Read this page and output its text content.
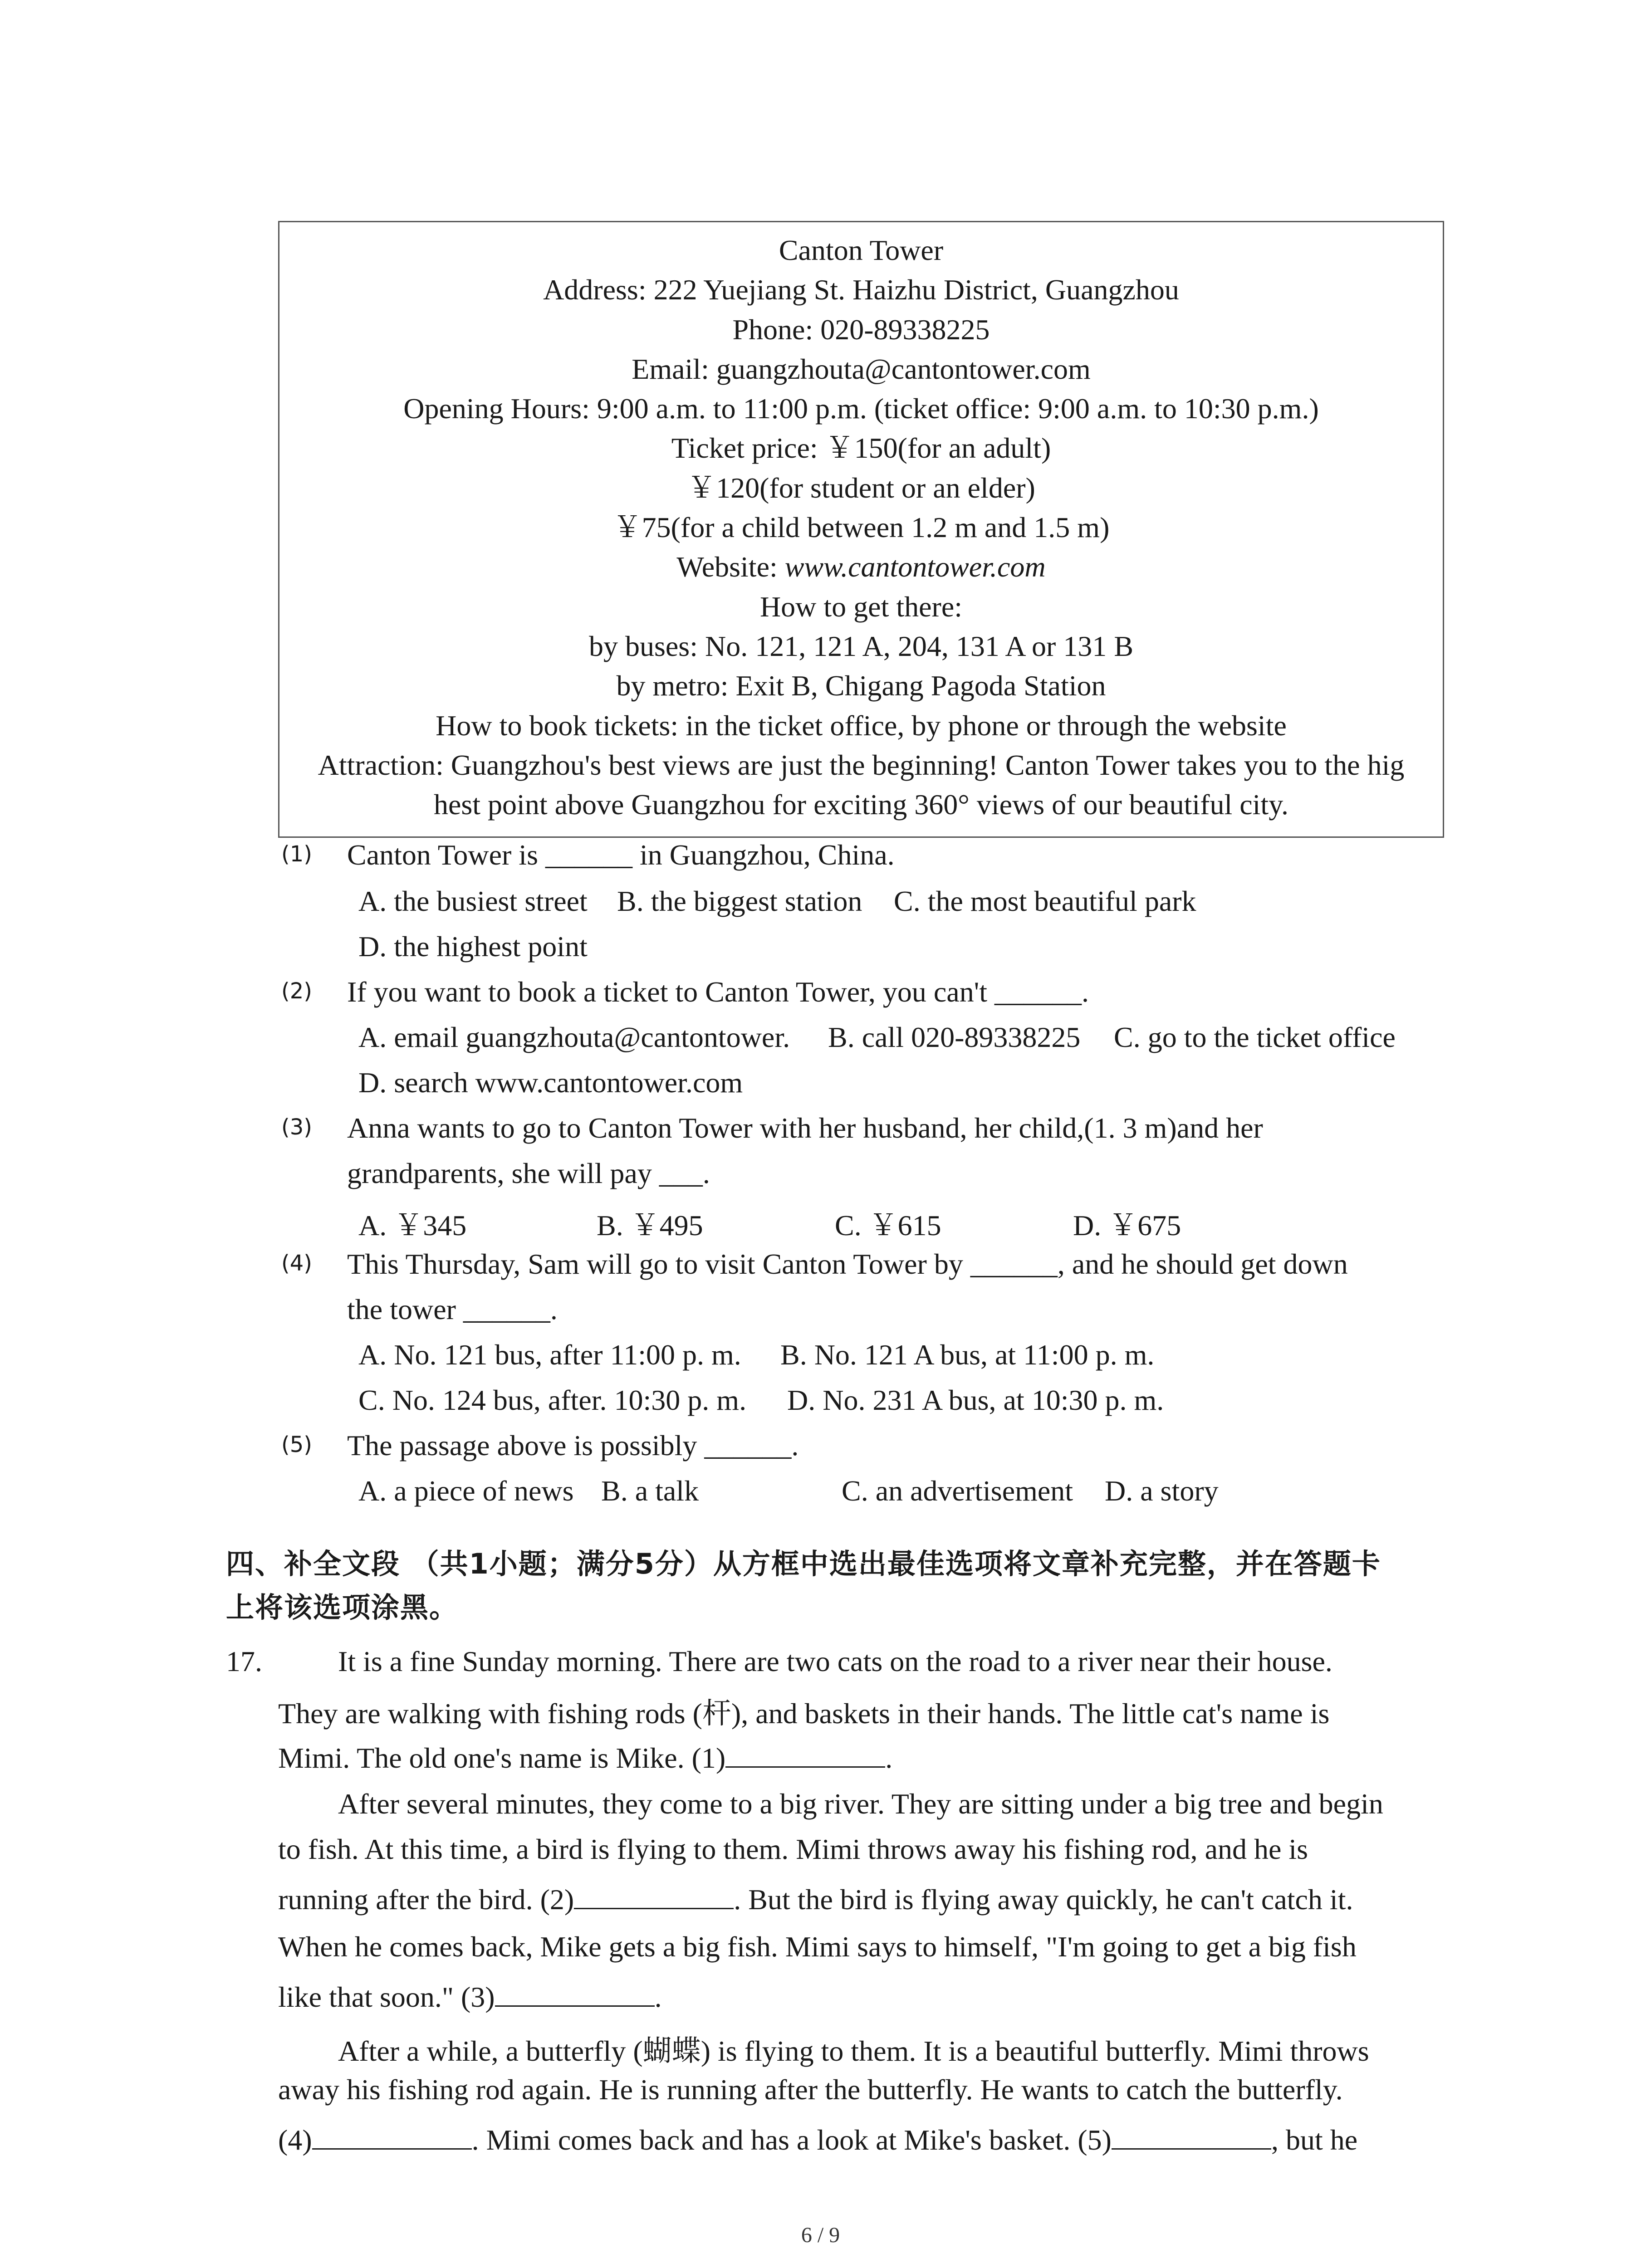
Canton Tower

Address: 222 Yuejiang St. Haizhu District, Guangzhou

Phone: 020-89338225

Email: guangzhouta@cantontower.com

Opening Hours: 9:00 a.m. to 11:00 p.m. (ticket office: 9:00 a.m. to 10:30 p.m.)

Ticket price: ￥150(for an adult)

￥120(for student or an elder)

￥75(for a child between 1.2 m and 1.5 m)

Website: www.cantontower.com

How to get there:

by buses: No. 121, 121 A, 204, 131 A or 131 B

by metro: Exit B, Chigang Pagoda Station

How to book tickets: in the ticket office, by phone or through the website

Attraction: Guangzhou's best views are just the beginning! Canton Tower takes you to the hig

hest point above Guangzhou for exciting 360° views of our beautiful city.

(1) Canton Tower is ______ in Guangzhou, China.
A. the busiest street B. the biggest station C. the most beautiful park
D. the highest point
(2) If you want to book a ticket to Canton Tower, you can't ______.
A. email guangzhouta@cantontower. B. call 020-89338225 C. go to the ticket office
D. search www.cantontower.com
(3) Anna wants to go to Canton Tower with her husband, her child,(1. 3 m)and her
grandparents, she will pay ___.
A. ￥345	B. ￥495	C. ￥615	D. ￥675
(4) This Thursday, Sam will go to visit Canton Tower by ______, and he should get down
the tower ______.
A. No. 121 bus, after 11:00 p. m. B. No. 121 A bus, at 11:00 p. m.
C. No. 124 bus, after. 10:30 p. m. D. No. 231 A bus, at 10:30 p. m.
(5) The passage above is possibly ______.
A. a piece of news B. a talk	C. an advertisement D. a story
四、补全文段 （共1小题；满分5分）从方框中选出最佳选项将文章补充完整，并在答题卡
上将该选项涂黑。
17.	It is a fine Sunday morning. There are two cats on the road to a river near their house.
They are walking with fishing rods (杆), and baskets in their hands. The little cat's name is
Mimi. The old one's name is Mike. (1)	.
After several minutes, they come to a big river. They are sitting under a big tree and begin
to fish. At this time, a bird is flying to them. Mimi throws away his fishing rod, and he is
running after the bird. (2)	. But the bird is flying away quickly, he can't catch it.
When he comes back, Mike gets a big fish. Mimi says to himself, "I'm going to get a big fish
like that soon." (3)	.
After a while, a butterfly (蝴蝶) is flying to them. It is a beautiful butterfly. Mimi throws
away his fishing rod again. He is running after the butterfly. He wants to catch the butterfly.
(4)	. Mimi comes back and has a look at Mike's basket. (5)	, but he
6 / 9
